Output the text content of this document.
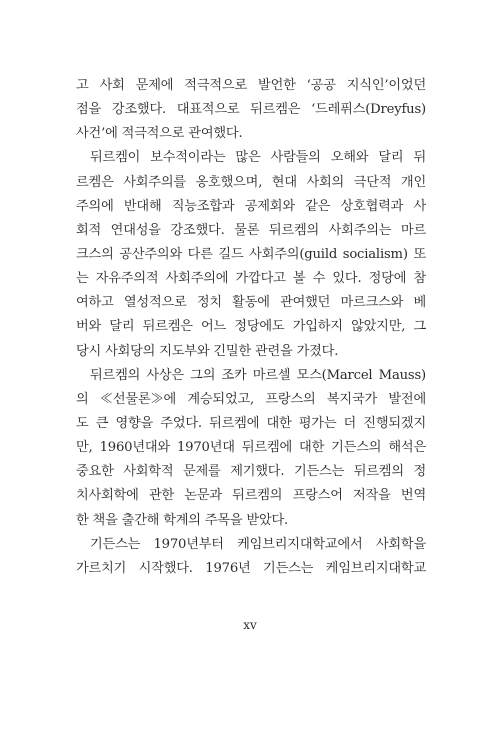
고 사회 문제에 적극적으로 발언한 ‘공공 지식인’이었던
점을 강조했다. 대표적으로 뒤르켐은 ‘드레퓌스(Dreyfus)
사건’에 적극적으로 관여했다.
뒤르켐이 보수적이라는 많은 사람들의 오해와 달리 뒤
르켐은 사회주의를 옹호했으며, 현대 사회의 극단적 개인
주의에 반대해 직능조합과 공제회와 같은 상호협력과 사
회적 연대성을 강조했다. 물론 뒤르켐의 사회주의는 마르
크스의 공산주의와 다른 길드 사회주의(guild socialism) 또
는 자유주의적 사회주의에 가깝다고 볼 수 있다. 정당에 참
여하고 열성적으로 정치 활동에 관여했던 마르크스와 베
버와 달리 뒤르켐은 어느 정당에도 가입하지 않았지만, 그
당시 사회당의 지도부와 긴밀한 관련을 가졌다.
뒤르켐의 사상은 그의 조카 마르셀 모스(Marcel Mauss)
의 ≪선물론≫에 계승되었고, 프랑스의 복지국가 발전에
도 큰 영향을 주었다. 뒤르켐에 대한 평가는 더 진행되겠지
만, 1960년대와 1970년대 뒤르켐에 대한 기든스의 해석은
중요한 사회학적 문제를 제기했다. 기든스는 뒤르켐의 정
치사회학에 관한 논문과 뒤르켐의 프랑스어 저작을 번역
한 책을 출간해 학계의 주목을 받았다.
기든스는 1970년부터 케임브리지대학교에서 사회학을
가르치기 시작했다. 1976년 기든스는 케임브리지대학교
xv
